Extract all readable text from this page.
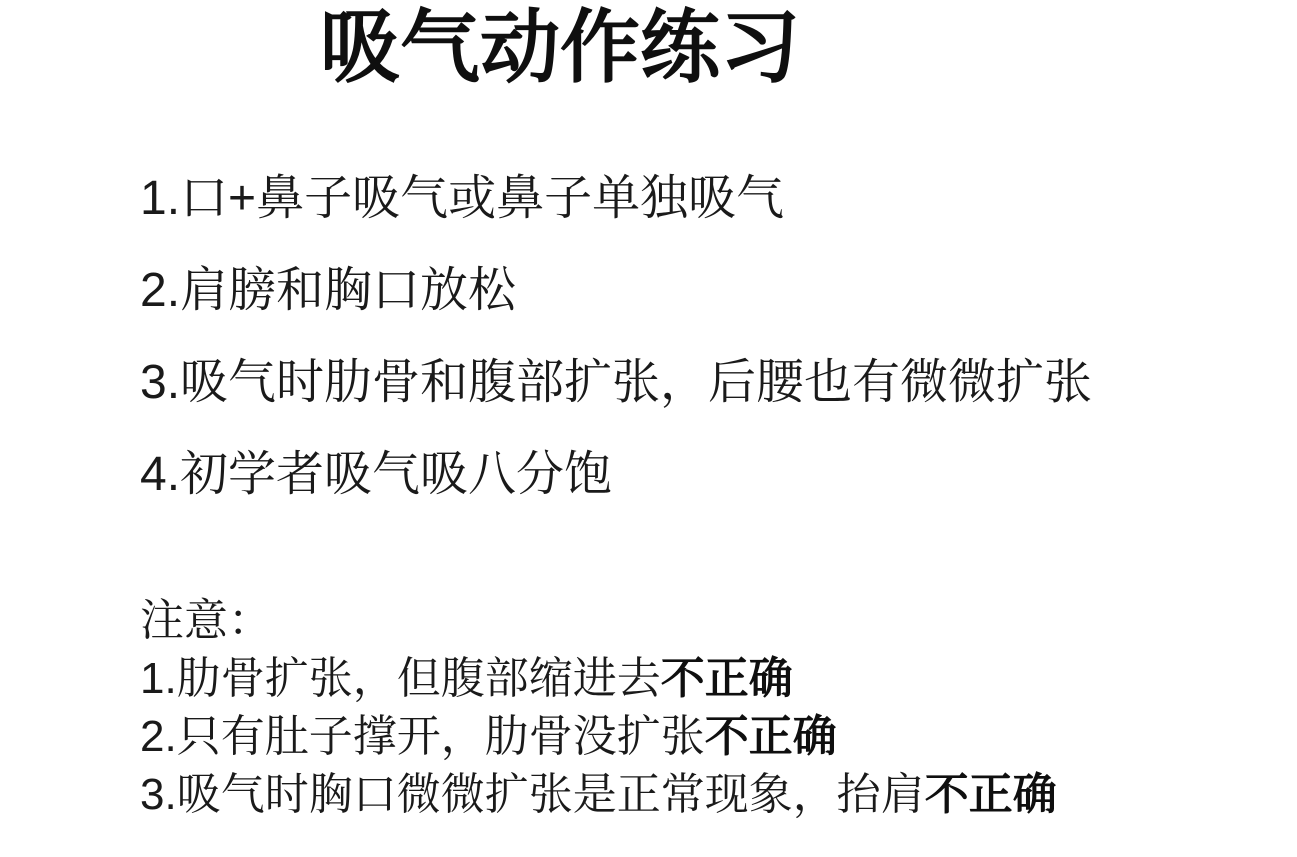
吸气动作练习
1.口+鼻子吸气或鼻子单独吸气
2.肩膀和胸口放松
3.吸气时肋骨和腹部扩张，后腰也有微微扩张
4.初学者吸气吸八分饱
注意：
1.肋骨扩张，但腹部缩进去不正确
2.只有肚子撑开，肋骨没扩张不正确
3.吸气时胸口微微扩张是正常现象，抬肩不正确
